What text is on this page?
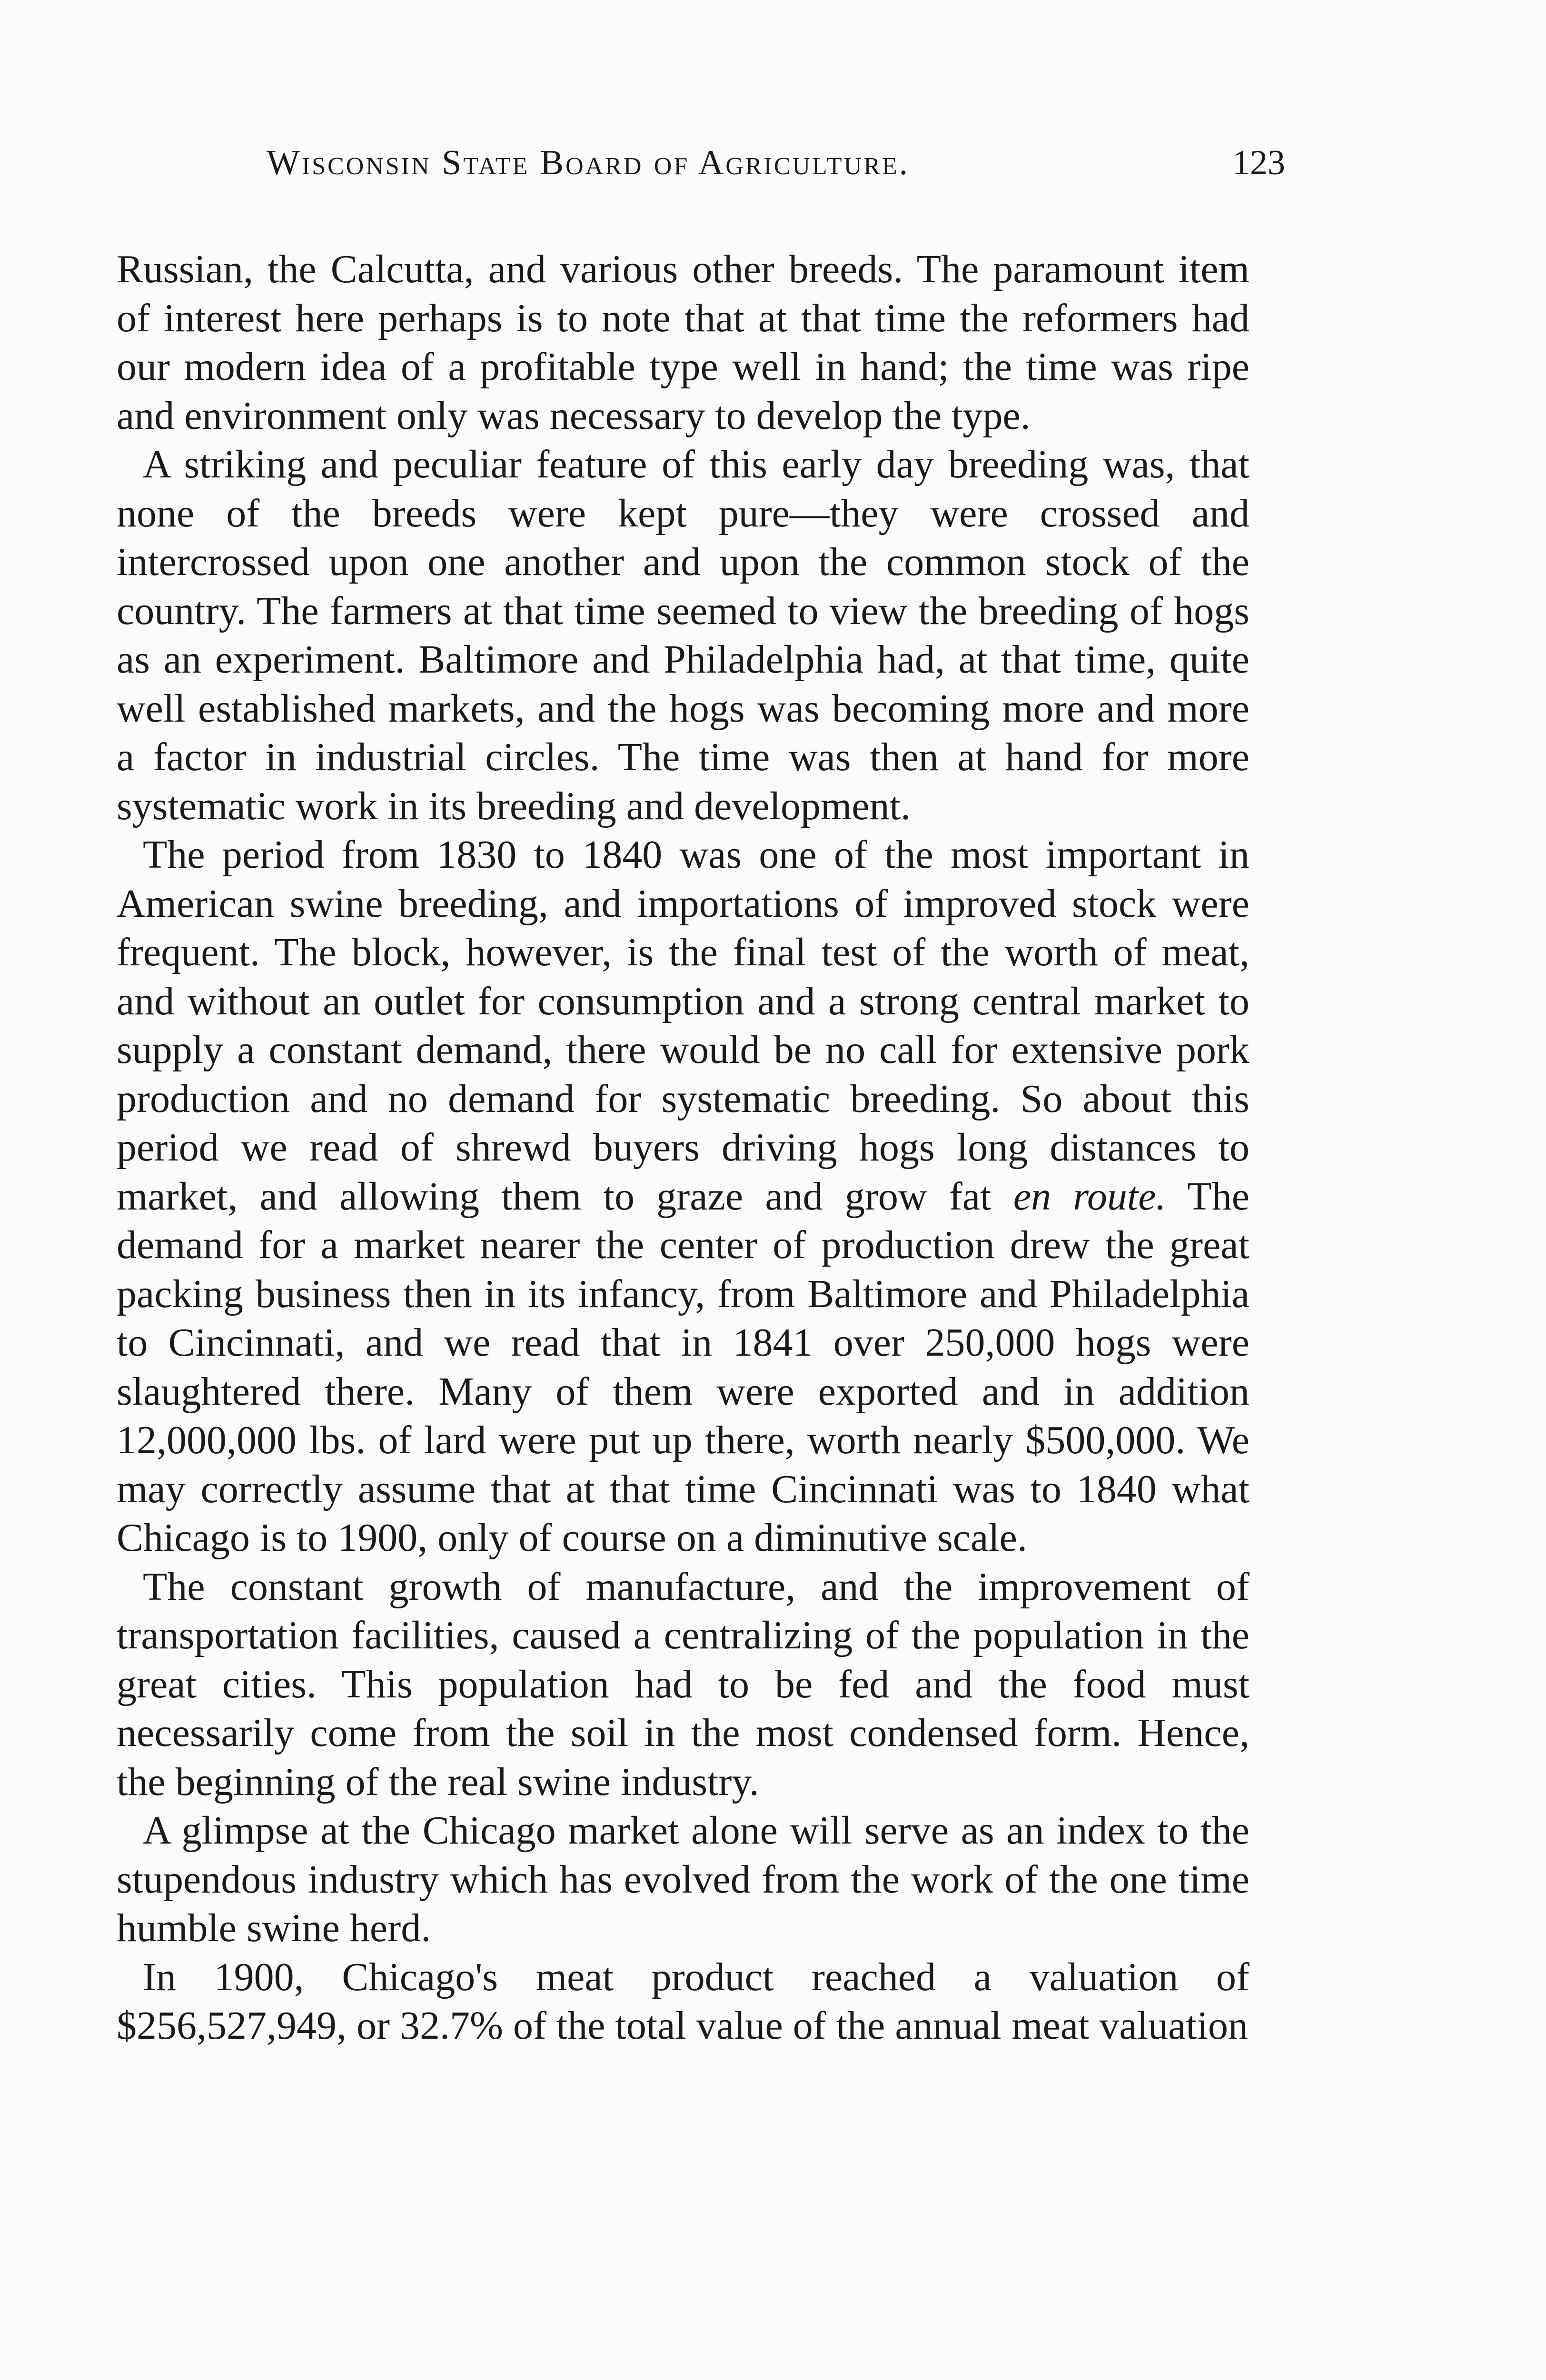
Wisconsin State Board of Agriculture.	123

Russian, the Calcutta, and various other breeds. The paramount item of interest here perhaps is to note that at that time the reformers had our modern idea of a profitable type well in hand; the time was ripe and environment only was necessary to develop the type.

A striking and peculiar feature of this early day breeding was, that none of the breeds were kept pure—they were crossed and intercrossed upon one another and upon the common stock of the country. The farmers at that time seemed to view the breeding of hogs as an experiment. Baltimore and Philadelphia had, at that time, quite well established markets, and the hogs was becoming more and more a factor in industrial circles. The time was then at hand for more systematic work in its breeding and development.

The period from 1830 to 1840 was one of the most important in American swine breeding, and importations of improved stock were frequent. The block, however, is the final test of the worth of meat, and without an outlet for consumption and a strong central market to supply a constant demand, there would be no call for extensive pork production and no demand for systematic breeding. So about this period we read of shrewd buyers driving hogs long distances to market, and allowing them to graze and grow fat en route. The demand for a market nearer the center of production drew the great packing business then in its infancy, from Baltimore and Philadelphia to Cincinnati, and we read that in 1841 over 250,000 hogs were slaughtered there. Many of them were exported and in addition 12,000,000 lbs. of lard were put up there, worth nearly $500,000. We may correctly assume that at that time Cincinnati was to 1840 what Chicago is to 1900, only of course on a diminutive scale.

The constant growth of manufacture, and the improvement of transportation facilities, caused a centralizing of the population in the great cities. This population had to be fed and the food must necessarily come from the soil in the most condensed form. Hence, the beginning of the real swine industry.

A glimpse at the Chicago market alone will serve as an index to the stupendous industry which has evolved from the work of the one time humble swine herd.

In 1900, Chicago's meat product reached a valuation of $256,527,949, or 32.7% of the total value of the annual meat valuation
